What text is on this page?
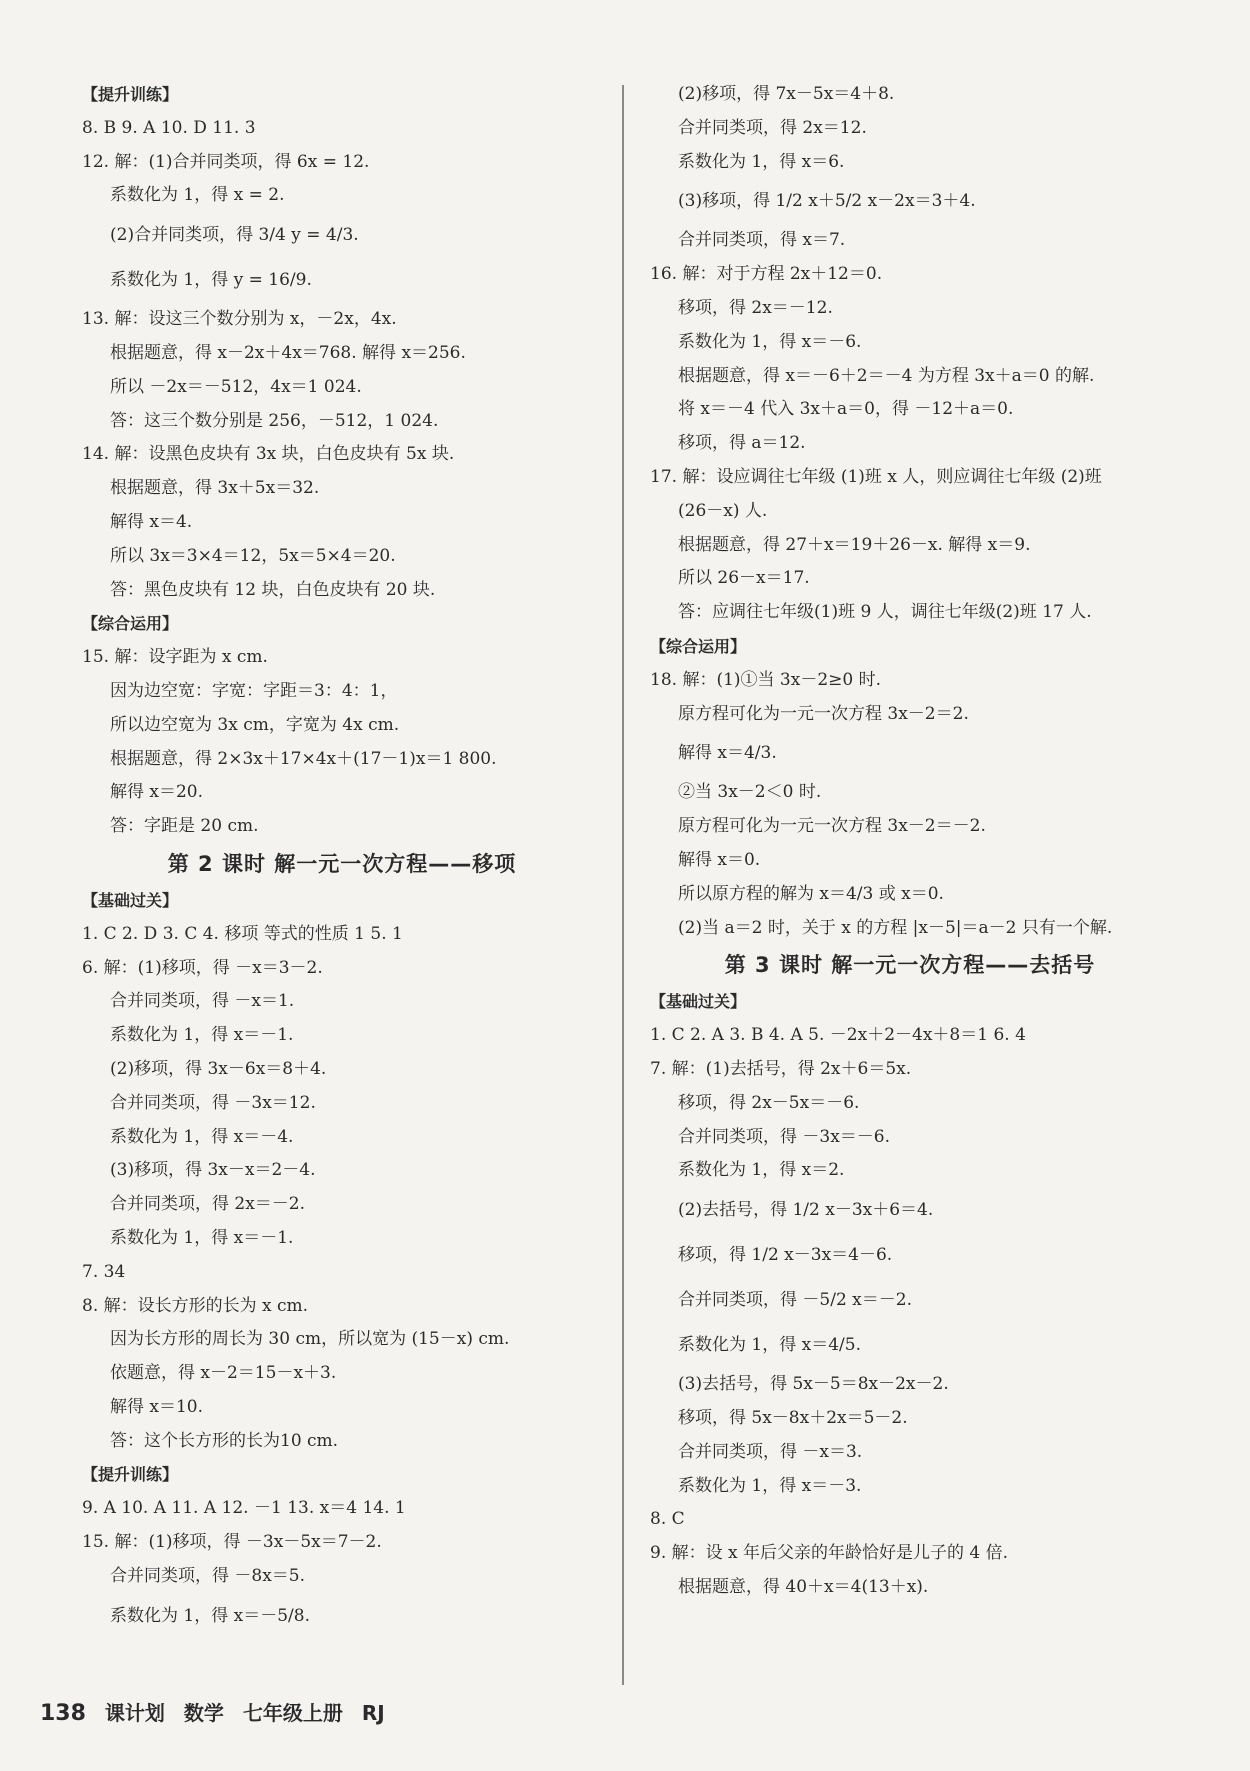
【提升训练】
8. B 9. A 10. D 11. 3
12. 解：(1)合并同类项，得 6x = 12.
系数化为 1，得 x = 2.
(2)合并同类项，得 3/4 y = 4/3.
系数化为 1，得 y = 16/9.
13. 解：设这三个数分别为 x，－2x，4x.
根据题意，得 x－2x＋4x＝768. 解得 x＝256.
所以 －2x＝－512，4x＝1 024.
答：这三个数分别是 256，－512，1 024.
14. 解：设黑色皮块有 3x 块，白色皮块有 5x 块.
根据题意，得 3x＋5x＝32.
解得 x＝4.
所以 3x＝3×4＝12，5x＝5×4＝20.
答：黑色皮块有 12 块，白色皮块有 20 块.
【综合运用】
15. 解：设字距为 x cm.
因为边空宽：字宽：字距＝3：4：1，
所以边空宽为 3x cm，字宽为 4x cm.
根据题意，得 2×3x＋17×4x＋(17－1)x＝1 800.
解得 x＝20.
答：字距是 20 cm.
第 2 课时 解一元一次方程——移项
【基础过关】
1. C 2. D 3. C 4. 移项 等式的性质 1 5. 1
6. 解：(1)移项，得 －x＝3－2.
合并同类项，得 －x＝1.
系数化为 1，得 x＝－1.
(2)移项，得 3x－6x＝8＋4.
合并同类项，得 －3x＝12.
系数化为 1，得 x＝－4.
(3)移项，得 3x－x＝2－4.
合并同类项，得 2x＝－2.
系数化为 1，得 x＝－1.
7. 34
8. 解：设长方形的长为 x cm.
因为长方形的周长为 30 cm，所以宽为 (15－x) cm.
依题意，得 x－2＝15－x＋3.
解得 x＝10.
答：这个长方形的长为10 cm.
【提升训练】
9. A 10. A 11. A 12. －1 13. x＝4 14. 1
15. 解：(1)移项，得 －3x－5x＝7－2.
合并同类项，得 －8x＝5.
系数化为 1，得 x＝－5/8.
(2)移项，得 7x－5x＝4＋8.
合并同类项，得 2x＝12.
系数化为 1，得 x＝6.
(3)移项，得 1/2 x＋5/2 x－2x＝3＋4.
合并同类项，得 x＝7.
16. 解：对于方程 2x＋12＝0.
移项，得 2x＝－12.
系数化为 1，得 x＝－6.
根据题意，得 x＝－6＋2＝－4 为方程 3x＋a＝0 的解.
将 x＝－4 代入 3x＋a＝0，得 －12＋a＝0.
移项，得 a＝12.
17. 解：设应调往七年级 (1)班 x 人，则应调往七年级 (2)班
(26－x) 人.
根据题意，得 27＋x＝19＋26－x. 解得 x＝9.
所以 26－x＝17.
答：应调往七年级(1)班 9 人，调往七年级(2)班 17 人.
【综合运用】
18. 解：(1)①当 3x－2≥0 时.
原方程可化为一元一次方程 3x－2＝2.
解得 x＝4/3.
②当 3x－2＜0 时.
原方程可化为一元一次方程 3x－2＝－2.
解得 x＝0.
所以原方程的解为 x＝4/3 或 x＝0.
(2)当 a＝2 时，关于 x 的方程 |x－5|＝a－2 只有一个解.
第 3 课时 解一元一次方程——去括号
【基础过关】
1. C 2. A 3. B 4. A 5. －2x＋2－4x＋8＝1 6. 4
7. 解：(1)去括号，得 2x＋6＝5x.
移项，得 2x－5x＝－6.
合并同类项，得 －3x＝－6.
系数化为 1，得 x＝2.
(2)去括号，得 1/2 x－3x＋6＝4.
移项，得 1/2 x－3x＝4－6.
合并同类项，得 －5/2 x＝－2.
系数化为 1，得 x＝4/5.
(3)去括号，得 5x－5＝8x－2x－2.
移项，得 5x－8x＋2x＝5－2.
合并同类项，得 －x＝3.
系数化为 1，得 x＝－3.
8. C
9. 解：设 x 年后父亲的年龄恰好是儿子的 4 倍.
根据题意，得 40＋x＝4(13＋x).
138 课计划 数学 七年级上册 RJ
